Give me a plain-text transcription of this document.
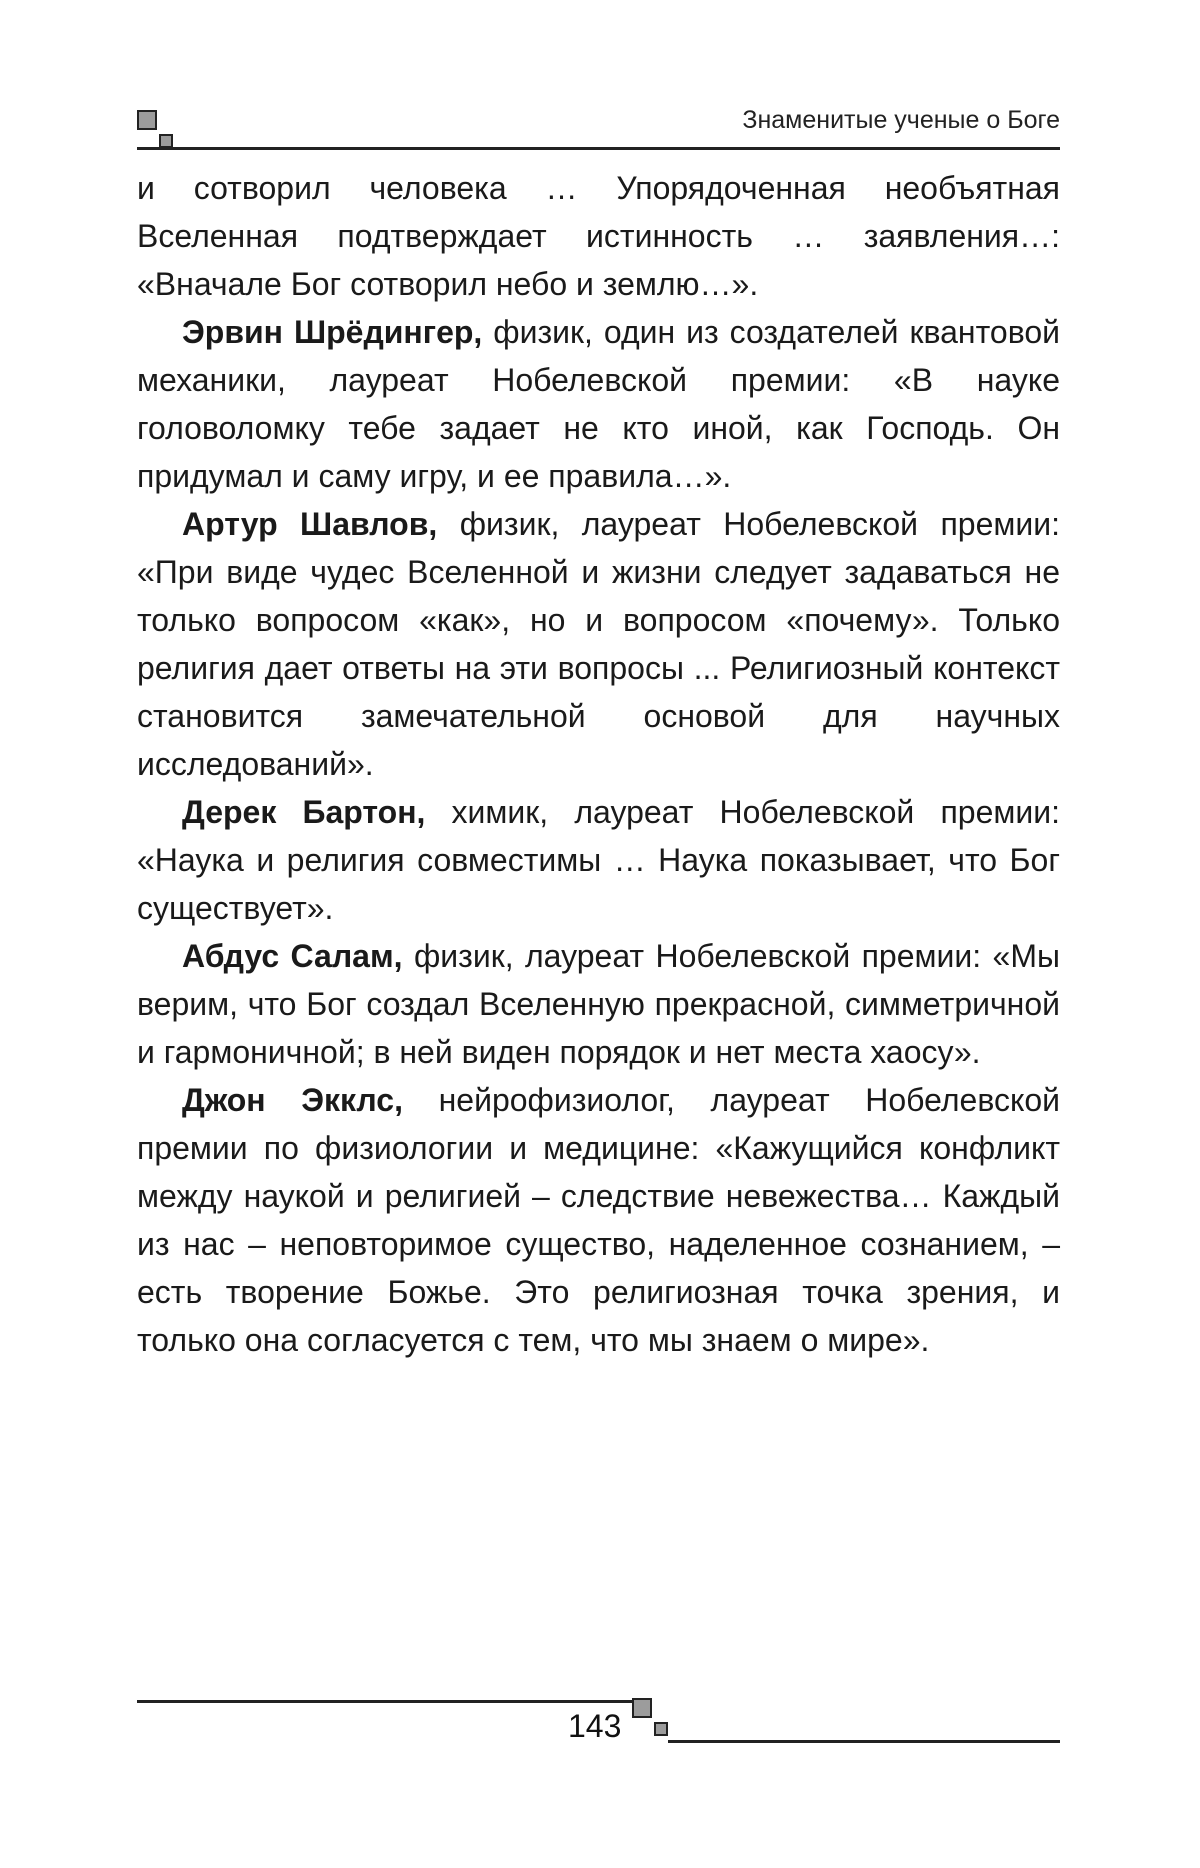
Знаменитые ученые о Боге

и сотворил человека … Упорядоченная необъятная Вселенная подтверждает истинность … заявления…: «Вначале Бог сотворил небо и землю…».

Эрвин Шрёдингер, физик, один из создателей квантовой механики, лауреат Нобелевской премии: «В науке головоломку тебе задает не кто иной, как Господь. Он придумал и саму игру, и ее правила…».

Артур Шавлов, физик, лауреат Нобелевской премии: «При виде чудес Вселенной и жизни следует задаваться не только вопросом «как», но и вопросом «почему». Только религия дает ответы на эти вопросы ... Религиозный контекст становится замечательной основой для научных исследований».

Дерек Бартон, химик, лауреат Нобелевской премии: «Наука и религия совместимы … Наука показывает, что Бог существует».

Абдус Салам, физик, лауреат Нобелевской премии: «Мы верим, что Бог создал Вселенную прекрасной, симметричной и гармоничной; в ней виден порядок и нет места хаосу».

Джон Экклс, нейрофизиолог, лауреат Нобелевской премии по физиологии и медицине: «Кажущийся конфликт между наукой и религией – следствие невежества… Каждый из нас – неповторимое существо, наделенное сознанием, – есть творение Божье. Это религиозная точка зрения, и только она согласуется с тем, что мы знаем о мире».

143
